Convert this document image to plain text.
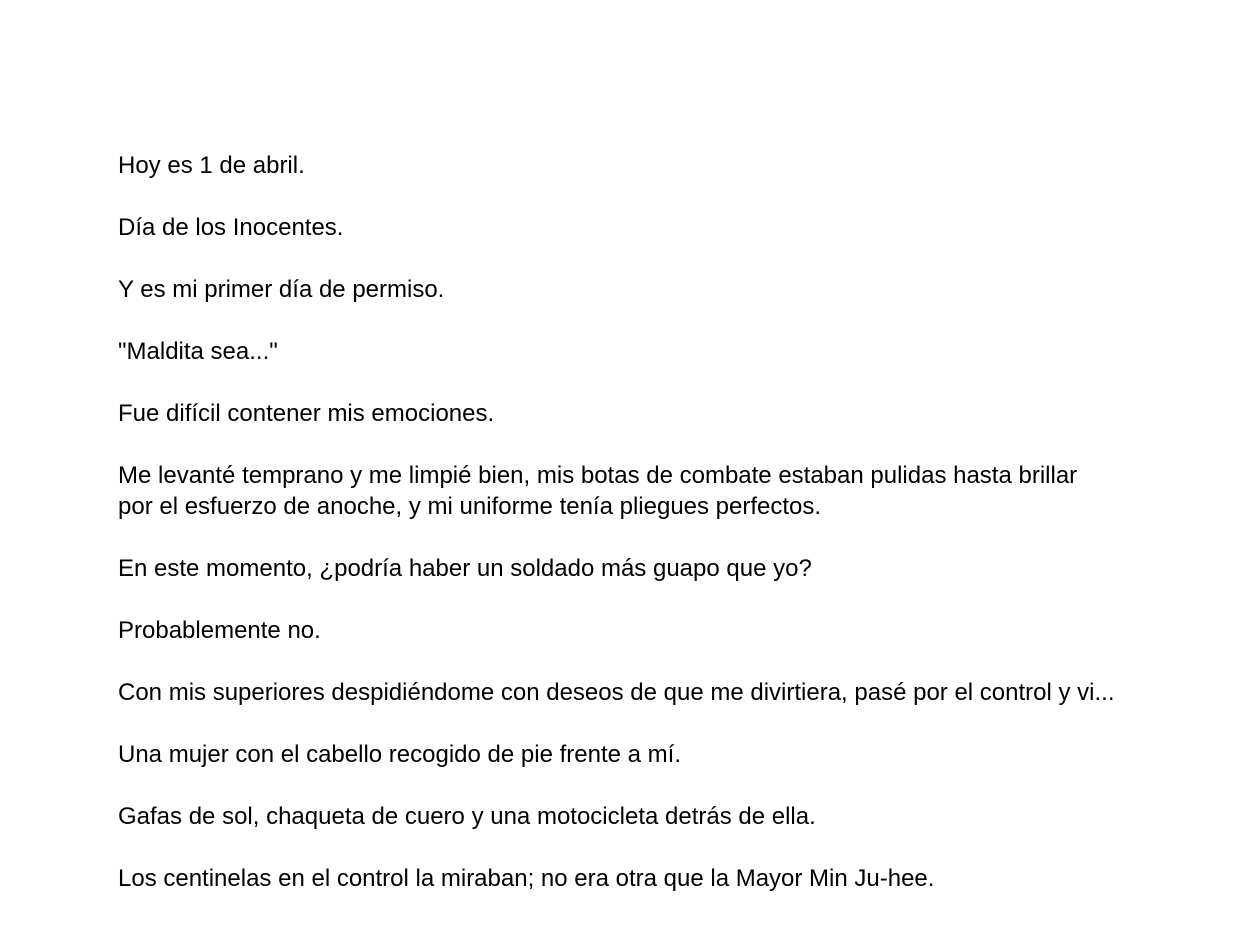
Hoy es 1 de abril.

Día de los Inocentes.

Y es mi primer día de permiso.

"Maldita sea..."

Fue difícil contener mis emociones.

Me levanté temprano y me limpié bien, mis botas de combate estaban pulidas hasta brillar por el esfuerzo de anoche, y mi uniforme tenía pliegues perfectos.

En este momento, ¿podría haber un soldado más guapo que yo?

Probablemente no.

Con mis superiores despidiéndome con deseos de que me divirtiera, pasé por el control y vi...

Una mujer con el cabello recogido de pie frente a mí.

Gafas de sol, chaqueta de cuero y una motocicleta detrás de ella.

Los centinelas en el control la miraban; no era otra que la Mayor Min Ju-hee.
